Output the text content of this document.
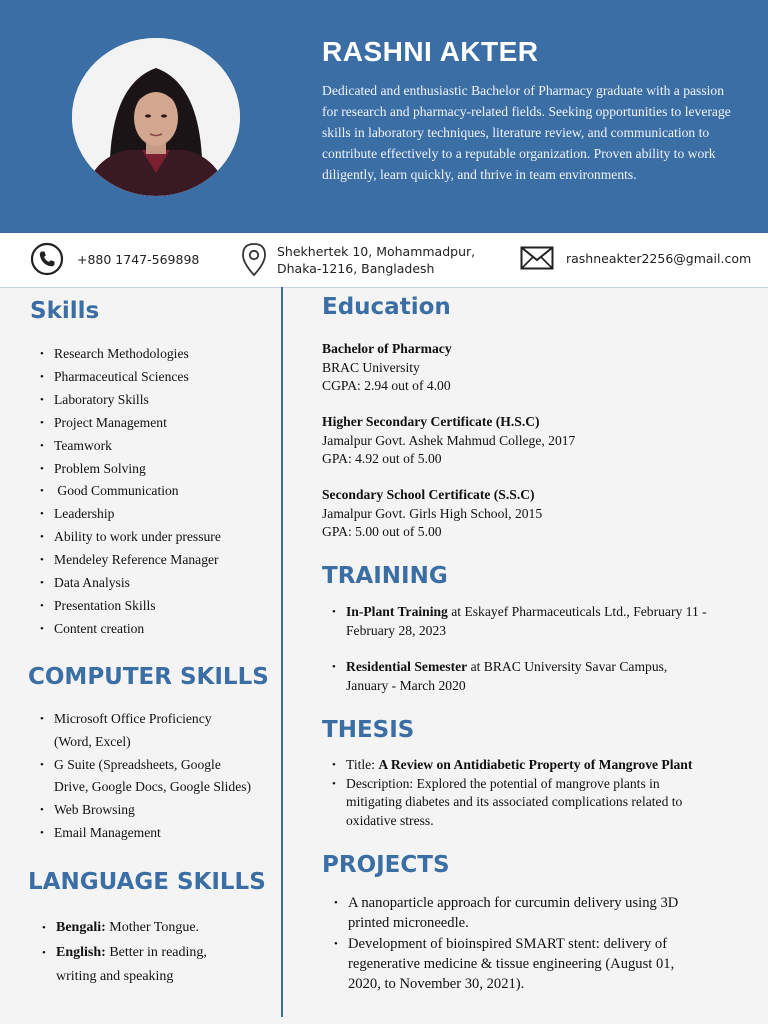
RASHNI AKTER
Dedicated and enthusiastic Bachelor of Pharmacy graduate with a passion for research and pharmacy-related fields. Seeking opportunities to leverage skills in laboratory techniques, literature review, and communication to contribute effectively to a reputable organization. Proven ability to work diligently, learn quickly, and thrive in team environments.
+880 1747-569898	Shekhertek 10, Mohammadpur,
Dhaka-1216, Bangladesh
rashneakter2256@gmail.com
Skills
• Research Methodologies
• Pharmaceutical Sciences
• Laboratory Skills
• Project Management
• Teamwork
• Problem Solving
•  Good Communication
• Leadership
• Ability to work under pressure
• Mendeley Reference Manager
• Data Analysis
• Presentation Skills
• Content creation
COMPUTER SKILLS
• Microsoft Office Proficiency
(Word, Excel)
• G Suite (Spreadsheets, Google
Drive, Google Docs, Google Slides)
• Web Browsing
• Email Management
LANGUAGE SKILLS
• Bengali: Mother Tongue.
• English: Better in reading,
writing and speaking
Education
Bachelor of Pharmacy
BRAC University
CGPA: 2.94 out of 4.00
Higher Secondary Certificate (H.S.C)
Jamalpur Govt. Ashek Mahmud College, 2017
GPA: 4.92 out of 5.00
Secondary School Certificate (S.S.C)
Jamalpur Govt. Girls High School, 2015
GPA: 5.00 out of 5.00
TRAINING
• In-Plant Training at Eskayef Pharmaceuticals Ltd., February 11 -
February 28, 2023
• Residential Semester at BRAC University Savar Campus,
January - March 2020
THESIS
• Title: A Review on Antidiabetic Property of Mangrove Plant
• Description: Explored the potential of mangrove plants in
mitigating diabetes and its associated complications related to
oxidative stress.
PROJECTS
• A nanoparticle approach for curcumin delivery using 3D
printed microneedle.
• Development of bioinspired SMART stent: delivery of
regenerative medicine & tissue engineering (August 01,
2020, to November 30, 2021).
